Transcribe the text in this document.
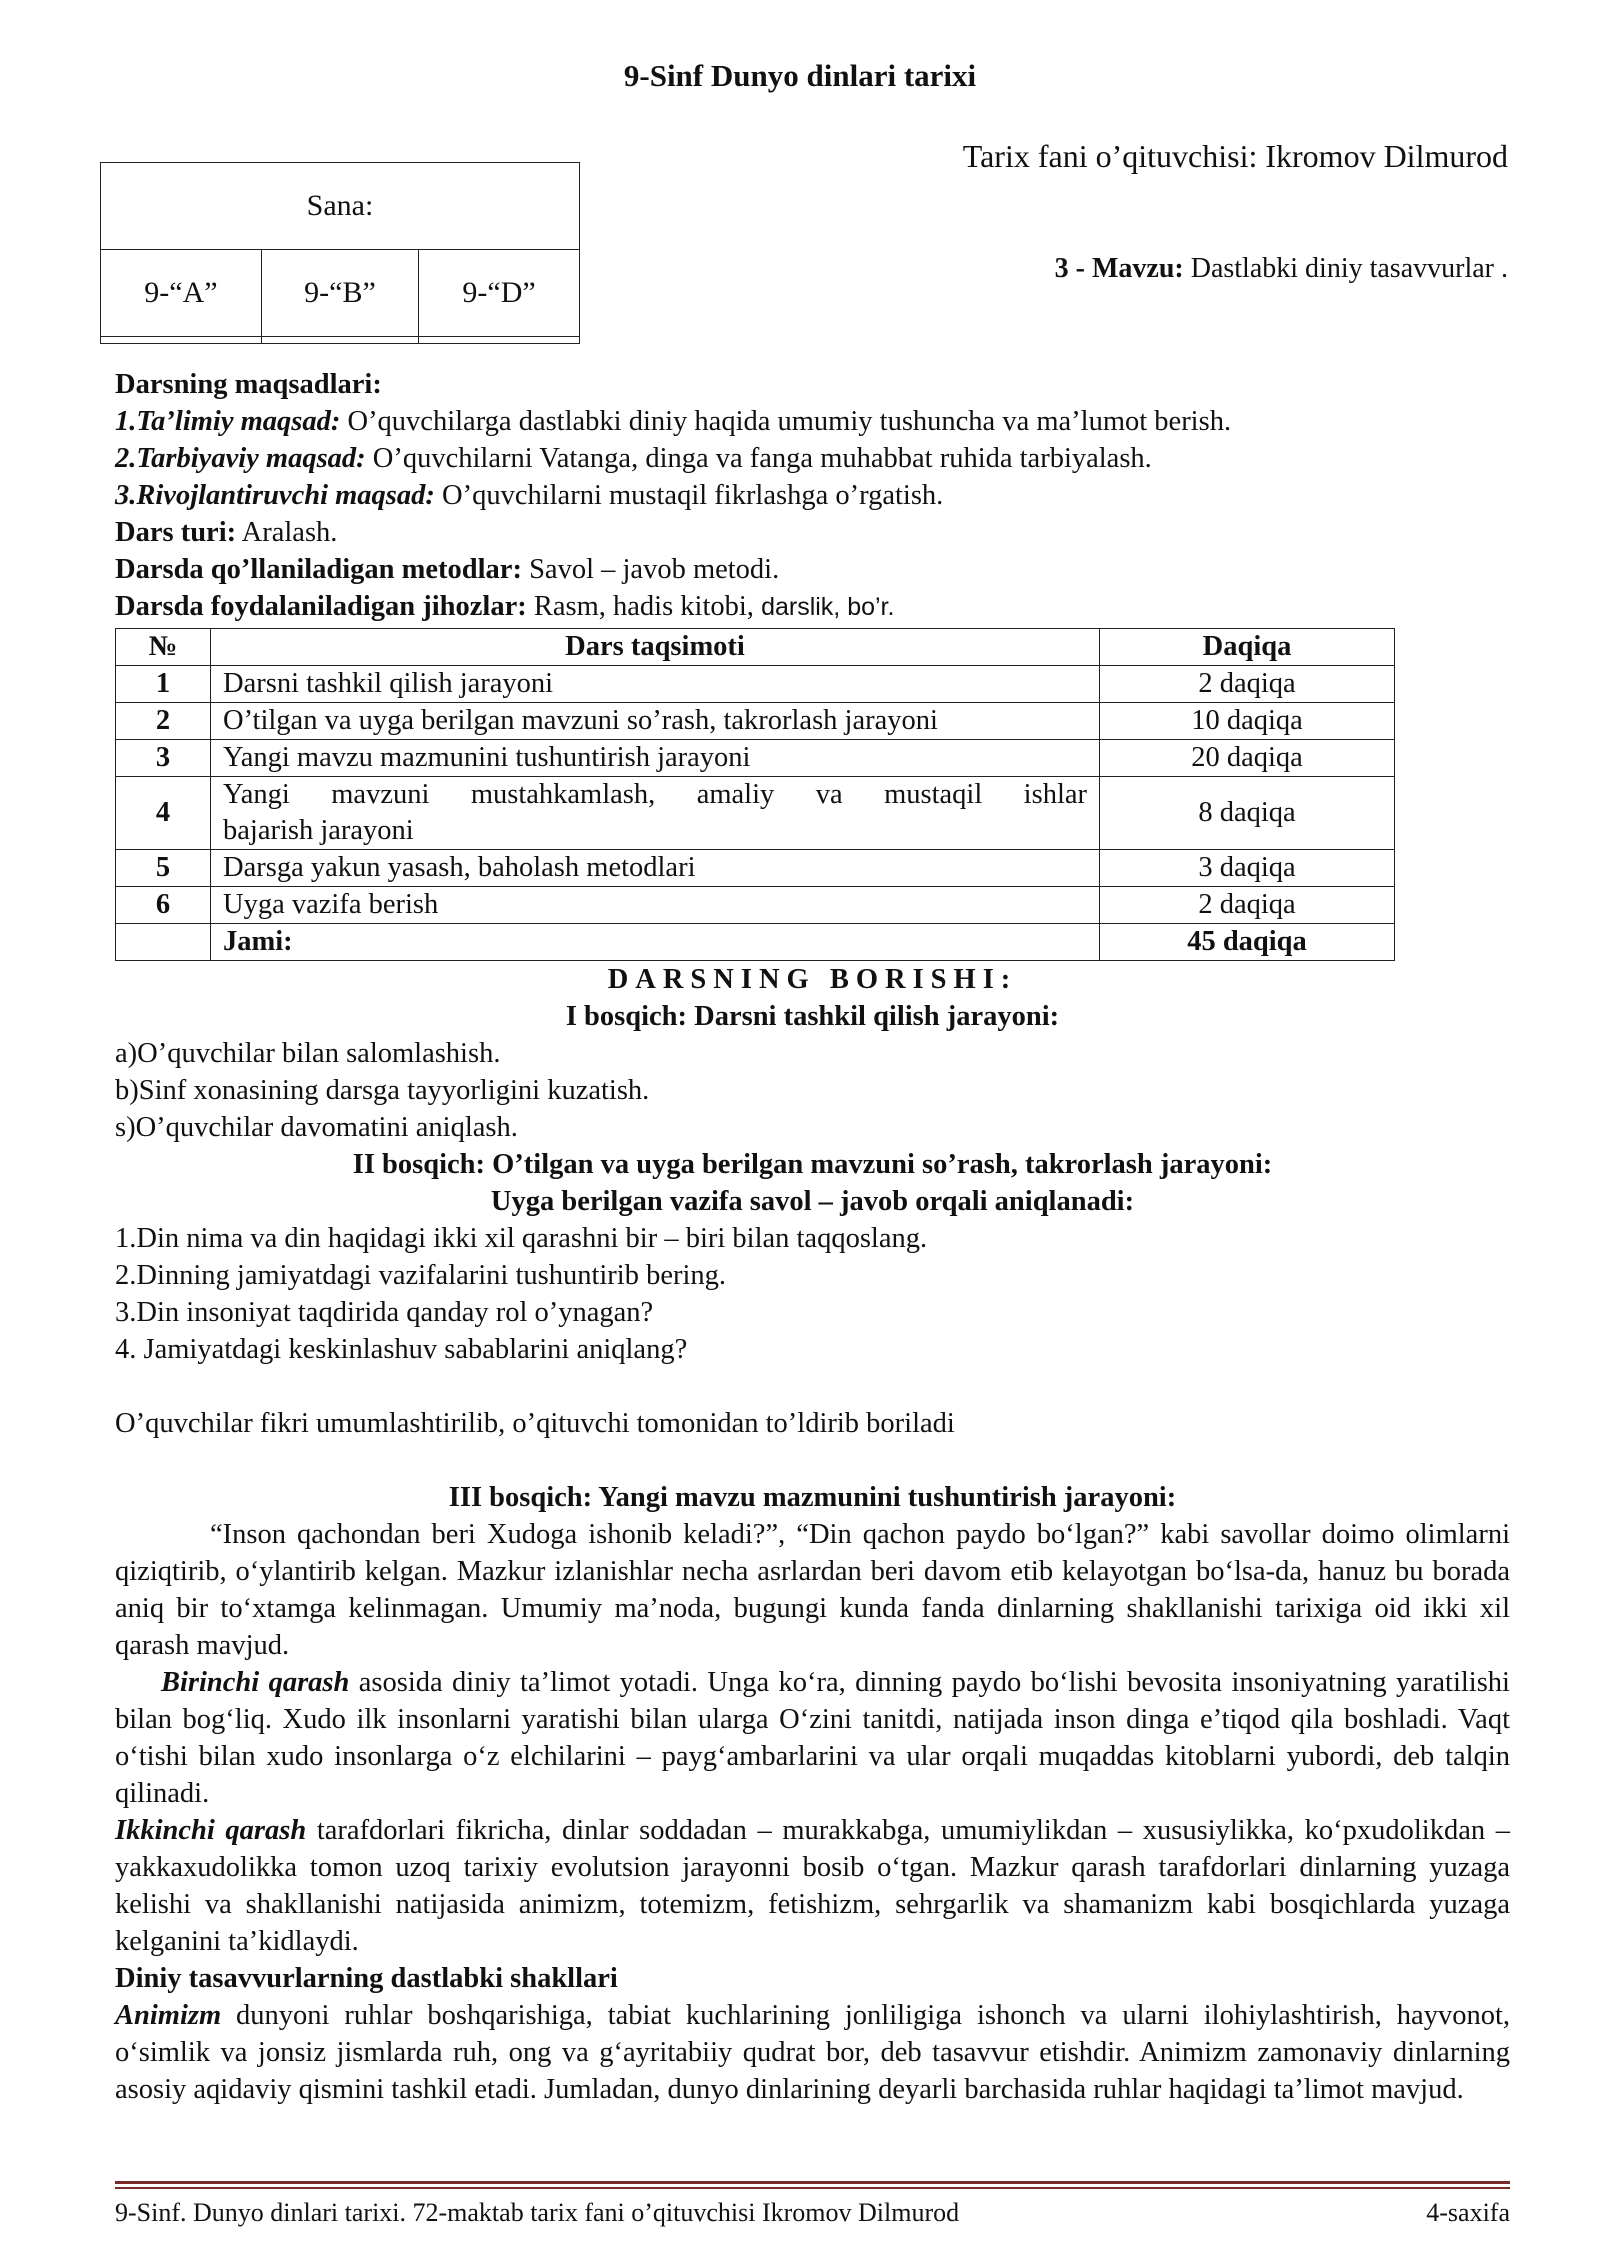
9-Sinf Dunyo dinlari tarixi
Sana:		
9-“A”	9-“B”	9-“D”

Tarix fani o’qituvchisi: Ikromov Dilmurod
3 - Mavzu: Dastlabki diniy tasavvurlar .
Darsning maqsadlari:
1.Ta’limiy maqsad: O’quvchilarga dastlabki diniy haqida umumiy tushuncha va ma’lumot berish.
2.Tarbiyaviy maqsad: O’quvchilarni Vatanga, dinga va fanga muhabbat ruhida tarbiyalash.
3.Rivojlantiruvchi maqsad: O’quvchilarni mustaqil fikrlashga o’rgatish.
Dars turi: Aralash.
Darsda qo’llaniladigan metodlar: Savol – javob metodi.
Darsda foydalaniladigan jihozlar: Rasm, hadis kitobi, darslik, bo’r.
№	Dars taqsimoti	Daqiqa
1	Darsni tashkil qilish jarayoni	2 daqiqa
2	O’tilgan va uyga berilgan mavzuni so’rash, takrorlash jarayoni	10 daqiqa
3	Yangi mavzu mazmunini tushuntirish jarayoni	20 daqiqa
4	Yangi mavzuni mustahkamlash, amaliy va mustaqil ishlar
bajarish jarayoni	8 daqiqa
5	Darsga yakun yasash, baholash metodlari	3 daqiqa
6	Uyga vazifa berish	2 daqiqa
	Jami:	45 daqiqa
DARSNING BORISHI:
I bosqich: Darsni tashkil qilish jarayoni:
a)O’quvchilar bilan salomlashish.
b)Sinf xonasining darsga tayyorligini kuzatish.
s)O’quvchilar davomatini aniqlash.
II bosqich: O’tilgan va uyga berilgan mavzuni so’rash, takrorlash jarayoni:
Uyga berilgan vazifa savol – javob orqali aniqlanadi:
1.Din nima va din haqidagi ikki xil qarashni bir – biri bilan taqqoslang.
2.Dinning jamiyatdagi vazifalarini tushuntirib bering.
3.Din insoniyat taqdirida qanday rol o’ynagan?
4. Jamiyatdagi keskinlashuv sabablarini aniqlang?
O’quvchilar fikri umumlashtirilib, o’qituvchi tomonidan to’ldirib boriladi
III bosqich: Yangi mavzu mazmunini tushuntirish jarayoni:
“Inson qachondan beri Xudoga ishonib keladi?”, “Din qachon paydo bo‘lgan?” kabi savollar doimo olimlarni qiziqtirib, o‘ylantirib kelgan. Mazkur izlanishlar necha asrlardan beri davom etib kelayotgan bo‘lsa-da, hanuz bu borada aniq bir to‘xtamga kelinmagan. Umumiy ma’noda, bugungi kunda fanda dinlarning shakllanishi tarixiga oid ikki xil qarash mavjud.
Birinchi qarash asosida diniy ta’limot yotadi. Unga ko‘ra, dinning paydo bo‘lishi bevosita insoniyatning yaratilishi bilan bog‘liq. Xudo ilk insonlarni yaratishi bilan ularga O‘zini tanitdi, natijada inson dinga e’tiqod qila boshladi. Vaqt o‘tishi bilan xudo insonlarga o‘z elchilarini – payg‘ambarlarini va ular orqali muqaddas kitoblarni yubordi, deb talqin qilinadi.
Ikkinchi qarash tarafdorlari fikricha, dinlar soddadan – murakkabga, umumiylikdan – xususiylikka, ko‘pxudolikdan – yakkaxudolikka tomon uzoq tarixiy evolutsion jarayonni bosib o‘tgan. Mazkur qarash tarafdorlari dinlarning yuzaga kelishi va shakllanishi natijasida animizm, totemizm, fetishizm, sehrgarlik va shamanizm kabi bosqichlarda yuzaga kelganini ta’kidlaydi.
Diniy tasavvurlarning dastlabki shakllari
Animizm dunyoni ruhlar boshqarishiga, tabiat kuchlarining jonliligiga ishonch va ularni ilohiylashtirish, hayvonot, o‘simlik va jonsiz jismlarda ruh, ong va g‘ayritabiiy qudrat bor, deb tasavvur etishdir. Animizm zamonaviy dinlarning asosiy aqidaviy qismini tashkil etadi. Jumladan, dunyo dinlarining deyarli barchasida ruhlar haqidagi ta’limot mavjud.
9-Sinf. Dunyo dinlari tarixi. 72-maktab tarix fani o’qituvchisi Ikromov Dilmurod	4-saxifa
